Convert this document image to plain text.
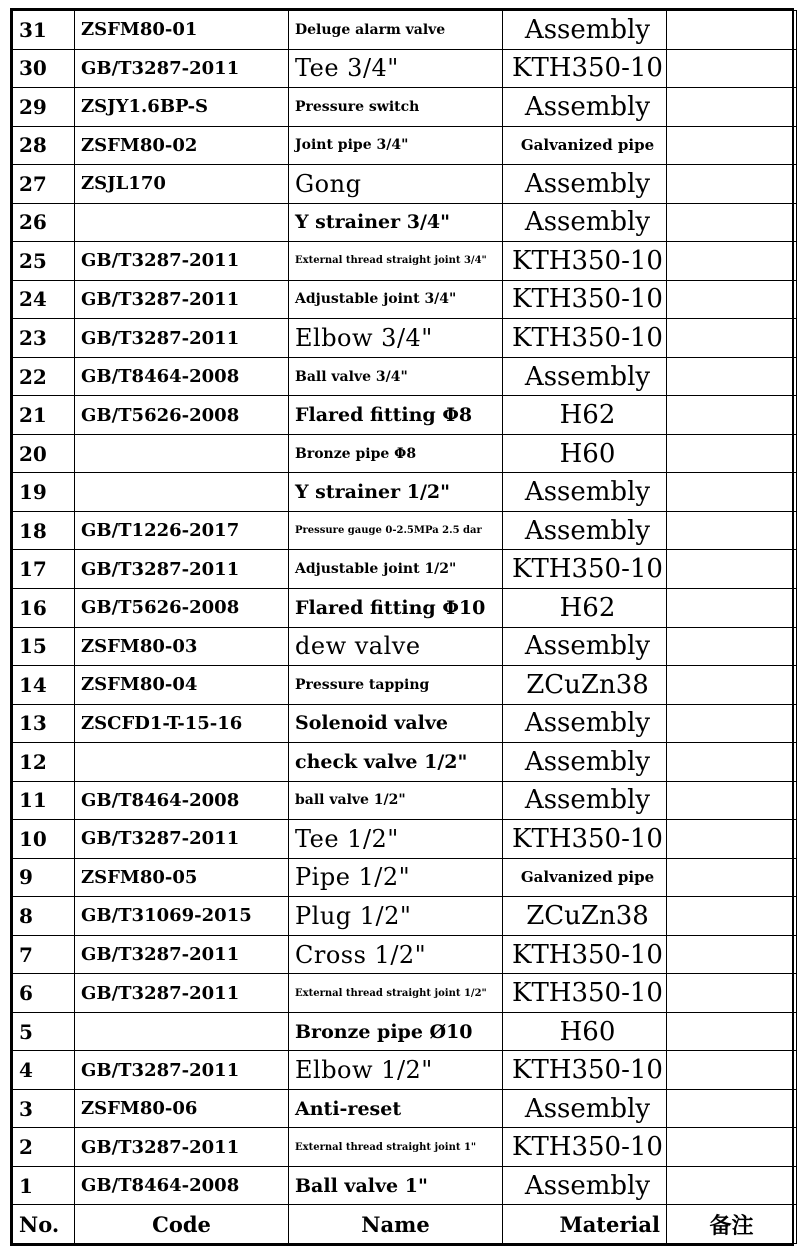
31	ZSFM80-01	Deluge alarm valve	Assembly	
30	GB/T3287-2011	Tee 3/4"	KTH350-10	
29	ZSJY1.6BP-S	Pressure switch	Assembly	
28	ZSFM80-02	Joint pipe 3/4"	Galvanized pipe	
27	ZSJL170	Gong	Assembly	
26		Y strainer 3/4"	Assembly	
25	GB/T3287-2011	External thread straight joint 3/4"	KTH350-10	
24	GB/T3287-2011	Adjustable joint 3/4"	KTH350-10	
23	GB/T3287-2011	Elbow 3/4"	KTH350-10	
22	GB/T8464-2008	Ball valve 3/4"	Assembly	
21	GB/T5626-2008	Flared fitting Φ8	H62	
20		Bronze pipe Φ8	H60	
19		Y strainer 1/2"	Assembly	
18	GB/T1226-2017	Pressure gauge 0-2.5MPa 2.5 dar	Assembly	
17	GB/T3287-2011	Adjustable joint 1/2"	KTH350-10	
16	GB/T5626-2008	Flared fitting Φ10	H62	
15	ZSFM80-03	dew valve	Assembly	
14	ZSFM80-04	Pressure tapping	ZCuZn38	
13	ZSCFD1-T-15-16	Solenoid valve	Assembly	
12		check valve 1/2"	Assembly	
11	GB/T8464-2008	ball valve 1/2"	Assembly	
10	GB/T3287-2011	Tee 1/2"	KTH350-10	
9	ZSFM80-05	Pipe 1/2"	Galvanized pipe	
8	GB/T31069-2015	Plug 1/2"	ZCuZn38	
7	GB/T3287-2011	Cross 1/2"	KTH350-10	
6	GB/T3287-2011	External thread straight joint 1/2"	KTH350-10	
5		Bronze pipe Ø10	H60	
4	GB/T3287-2011	Elbow 1/2"	KTH350-10	
3	ZSFM80-06	Anti-reset	Assembly	
2	GB/T3287-2011	External thread straight joint 1"	KTH350-10	
1	GB/T8464-2008	Ball valve 1"	Assembly	
No.	Code	Name	Material	备注
